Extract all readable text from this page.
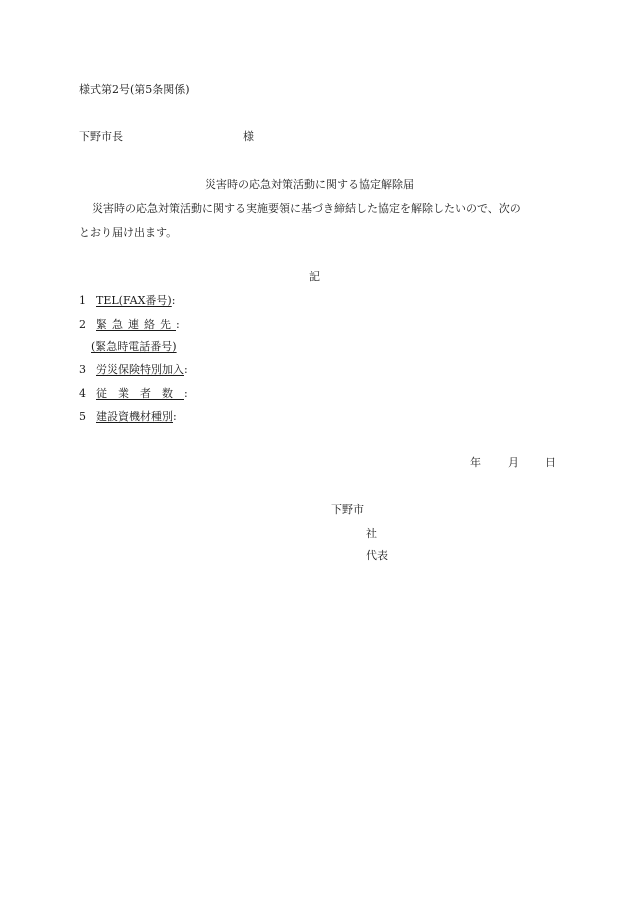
様式第2号(第5条関係)
下野市長	様
災害時の応急対策活動に関する協定解除届
災害時の応急対策活動に関する実施要領に基づき締結した協定を解除したいので、次の
とおり届け出ます。
記
1 TEL(FAX番号):
2 緊急連絡先:
(緊急時電話番号)
3 労災保険特別加入:
4 従業者数:
5 建設資機材種別:
年 月 日
下野市
社
代表
